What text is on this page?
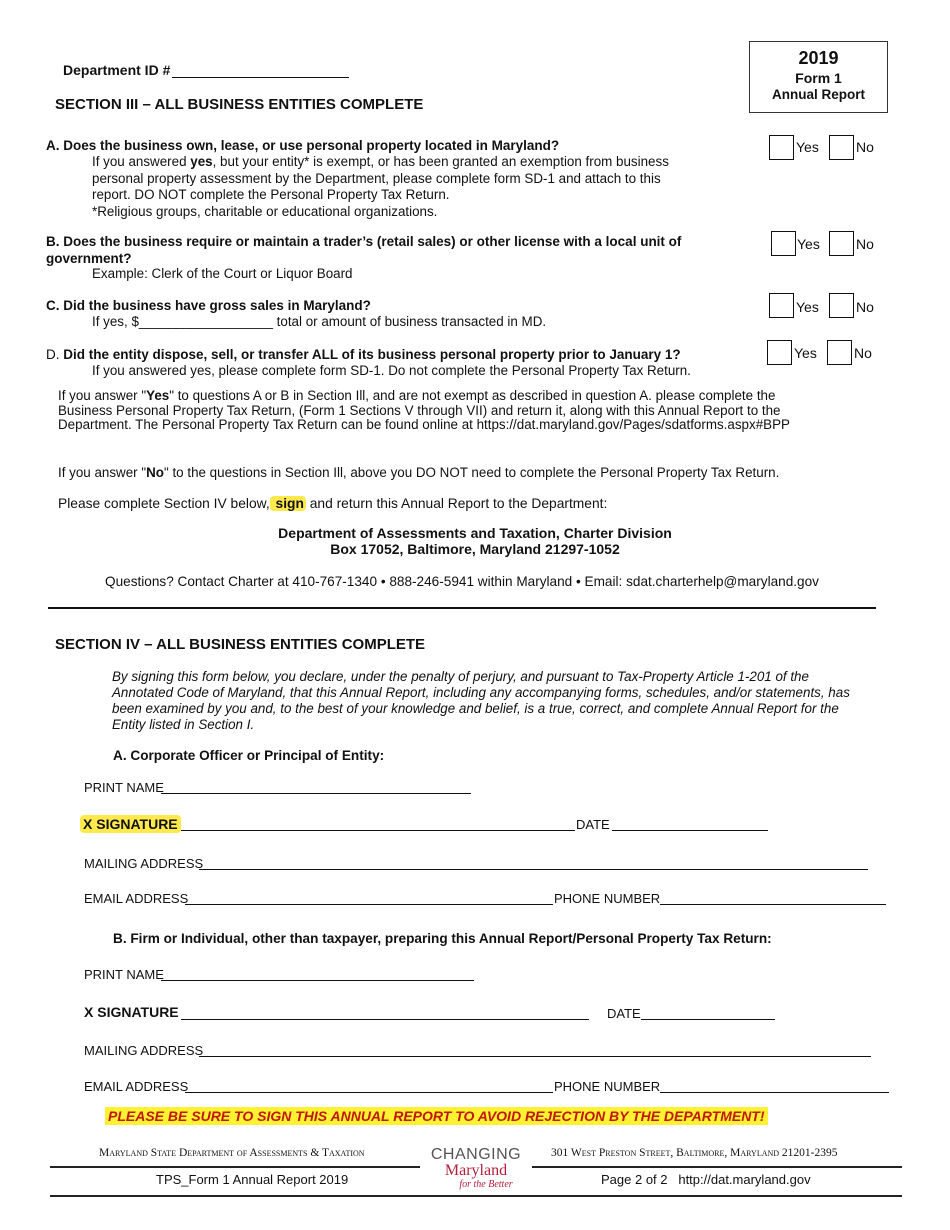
Department ID #
2019
Form 1
Annual Report
SECTION III – ALL BUSINESS ENTITIES COMPLETE
A. Does the business own, lease, or use personal property located in Maryland?
If you answered yes, but your entity* is exempt, or has been granted an exemption from business
personal property assessment by the Department, please complete form SD-1 and attach to this
report. DO NOT complete the Personal Property Tax Return.
*Religious groups, charitable or educational organizations.
Yes	No
B. Does the business require or maintain a trader’s (retail sales) or other license with a local unit of
government?
Example: Clerk of the Court or Liquor Board
Yes	No
C. Did the business have gross sales in Maryland?
If yes, $__________________ total or amount of business transacted in MD.
Yes	No
D. Did the entity dispose, sell, or transfer ALL of its business personal property prior to January 1?
If you answered yes, please complete form SD-1. Do not complete the Personal Property Tax Return.
Yes	No
If you answer "Yes" to questions A or B in Section Ill, and are not exempt as described in question A. please complete the
Business Personal Property Tax Return, (Form 1 Sections V through VII) and return it, along with this Annual Report to the
Department. The Personal Property Tax Return can be found online at https://dat.maryland.gov/Pages/sdatforms.aspx#BPP
If you answer "No" to the questions in Section Ill, above you DO NOT need to complete the Personal Property Tax Return.
Please complete Section IV below, sign and return this Annual Report to the Department:
Department of Assessments and Taxation, Charter Division
Box 17052, Baltimore, Maryland 21297-1052
Questions? Contact Charter at 410-767-1340 • 888-246-5941 within Maryland • Email: sdat.charterhelp@maryland.gov
SECTION IV – ALL BUSINESS ENTITIES COMPLETE
By signing this form below, you declare, under the penalty of perjury, and pursuant to Tax-Property Article 1-201 of the
Annotated Code of Maryland, that this Annual Report, including any accompanying forms, schedules, and/or statements, has
been examined by you and, to the best of your knowledge and belief, is a true, correct, and complete Annual Report for the
Entity listed in Section I.
A. Corporate Officer or Principal of Entity:
PRINT NAME
X SIGNATURE	DATE
MAILING ADDRESS
EMAIL ADDRESS	PHONE NUMBER
B. Firm or Individual, other than taxpayer, preparing this Annual Report/Personal Property Tax Return:
PRINT NAME
X SIGNATURE	DATE
MAILING ADDRESS
EMAIL ADDRESS	PHONE NUMBER
PLEASE BE SURE TO SIGN THIS ANNUAL REPORT TO AVOID REJECTION BY THE DEPARTMENT!
Maryland State Department of Assessments & Taxation	301 West Preston Street, Baltimore, Maryland 21201-2395
TPS_Form 1 Annual Report 2019	Page 2 of 2 http://dat.maryland.gov
CHANGING
Maryland
for the Better
